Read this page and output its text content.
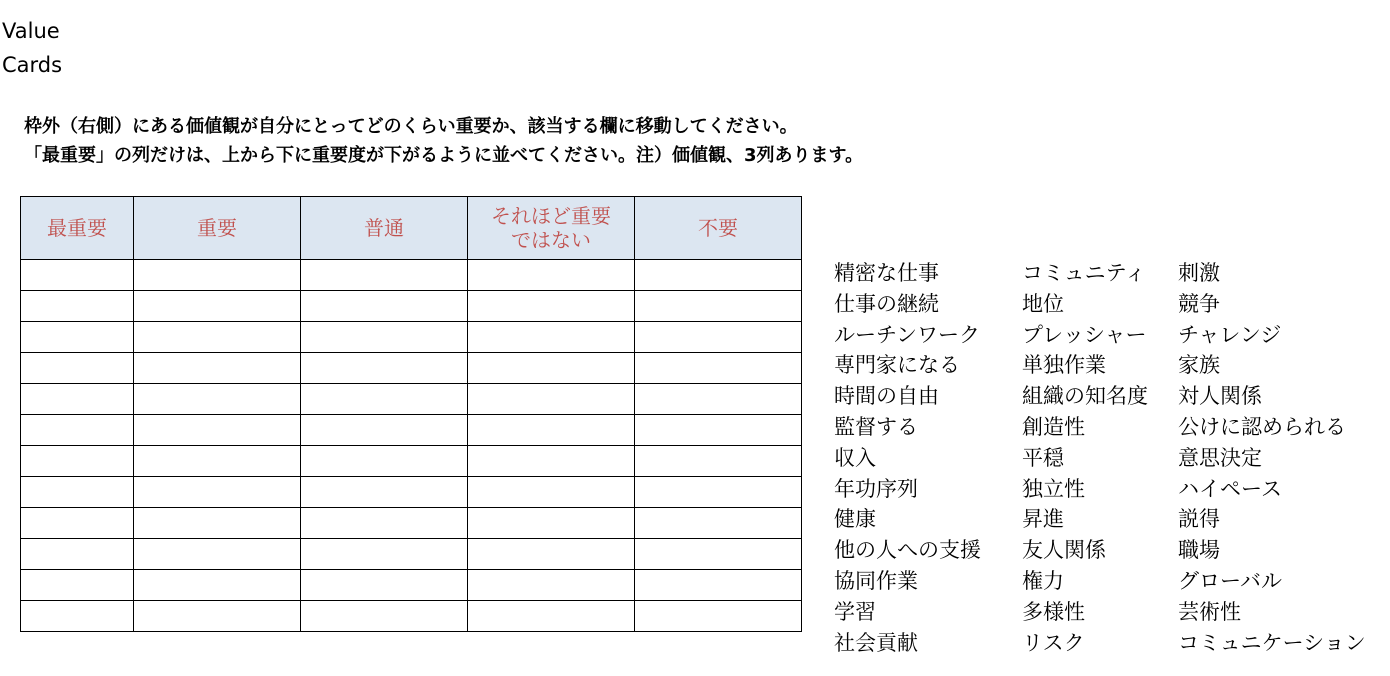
Value
Cards
枠外（右側）にある価値観が自分にとってどのくらい重要か、該当する欄に移動してください。
「最重要」の列だけは、上から下に重要度が下がるように並べてください。注）価値観、3列あります。
最重要	重要	普通	それほど重要ではない	不要

精密な仕事
仕事の継続
ルーチンワーク
専門家になる
時間の自由
監督する
収入
年功序列
健康
他の人への支援
協同作業
学習
社会貢献
コミュニティ
地位
プレッシャー
単独作業
組織の知名度
創造性
平穏
独立性
昇進
友人関係
権力
多様性
リスク
刺激
競争
チャレンジ
家族
対人関係
公けに認められる
意思決定
ハイペース
説得
職場
グローバル
芸術性
コミュニケーション
